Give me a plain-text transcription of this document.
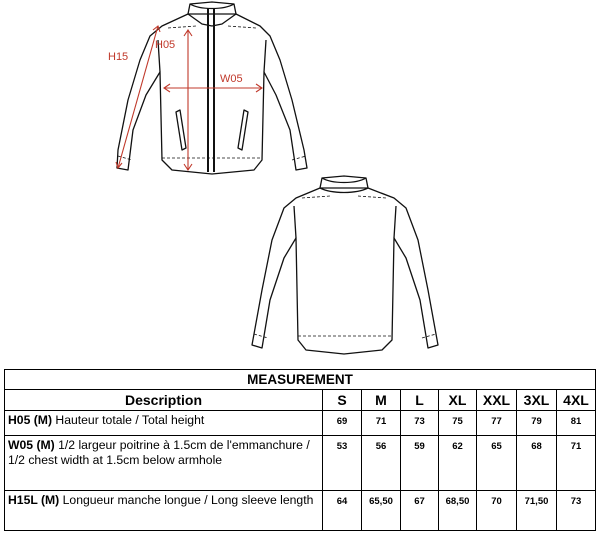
H05
H15
W05
MEASUREMENT							
Description	S	M	L	XL	XXL	3XL	4XL
H05 (M) Hauteur totale / Total height	69	71	73	75	77	79	81
W05 (M) 1/2 largeur poitrine à 1.5cm de l'emmanchure / 1/2 chest width at 1.5cm below armhole	53	56	59	62	65	68	71
H15L (M) Longueur manche longue / Long sleeve length	64	65,50	67	68,50	70	71,50	73
